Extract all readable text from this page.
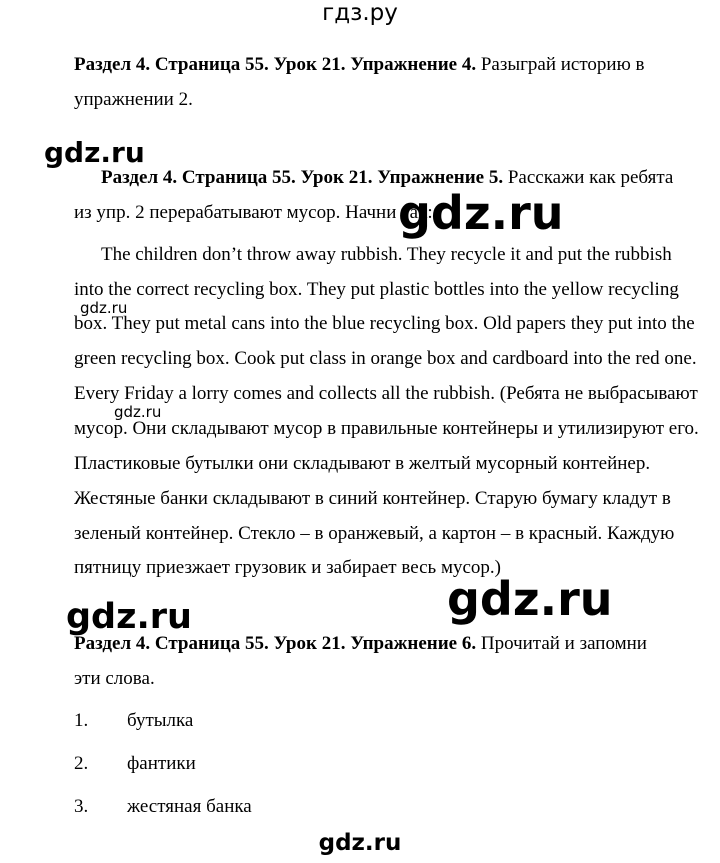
гдз.ру
Раздел 4. Страница 55. Урок 21. Упражнение 4. Разыграй историю в
упражнении 2.
gdz.ru
Раздел 4. Страница 55. Урок 21. Упражнение 5. Расскажи как ребята
из упр. 2 перерабатывают мусор. Начни так:
gdz.ru
The children don’t throw away rubbish. They recycle it and put the rubbish
into the correct recycling box. They put plastic bottles into the yellow recycling
box. They put metal cans into the blue recycling box. Old papers they put into the
green recycling box. Cook put class in orange box and cardboard into the red one.
Every Friday a lorry comes and collects all the rubbish. (Ребята не выбрасывают
мусор. Они складывают мусор в правильные контейнеры и утилизируют его.
Пластиковые бутылки они складывают в желтый мусорный контейнер.
Жестяные банки складывают в синий контейнер. Старую бумагу кладут в
зеленый контейнер. Стекло – в оранжевый, а картон – в красный. Каждую
пятницу приезжает грузовик и забирает весь мусор.)
gdz.ru
gdz.ru
gdz.ru	gdz.ru
Раздел 4. Страница 55. Урок 21. Упражнение 6. Прочитай и запомни
эти слова.
1. бутылка
2. фантики
3. жестяная банка
gdz.ru
